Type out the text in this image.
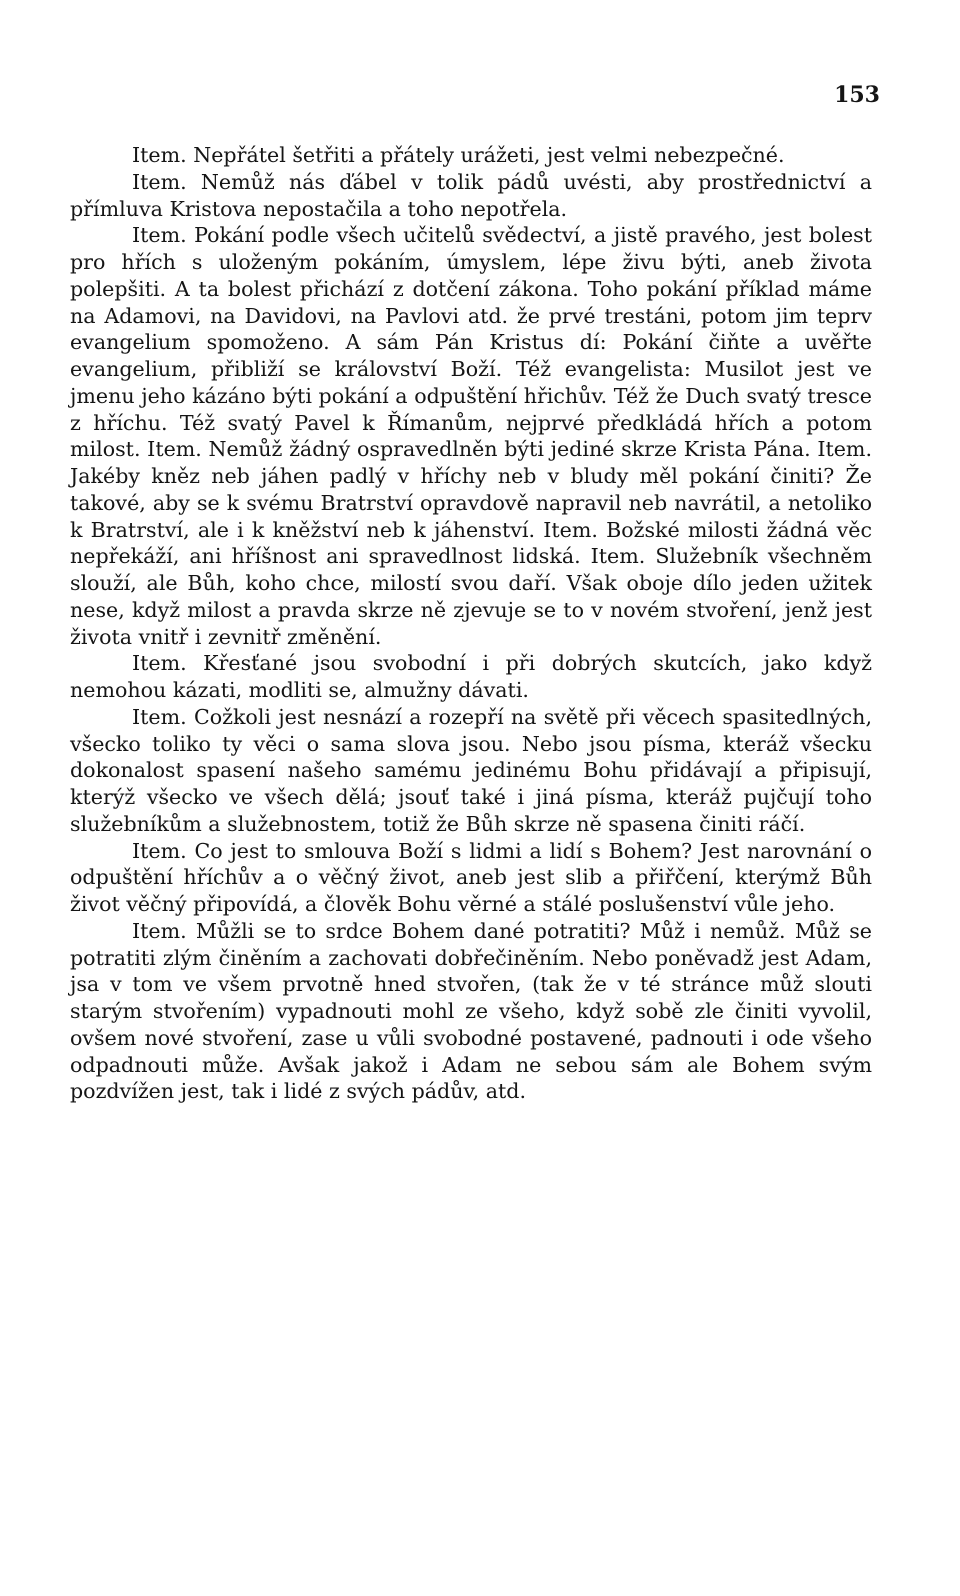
153

Item. Nepřátel šetřiti a přátely urážeti, jest velmi nebezpečné.

Item. Nemůž nás ďábel v tolik pádů uvésti, aby prostřednictví a přímluva Kristova nepostačila a toho nepotřela.

Item. Pokání podle všech učitelů svědectví, a jistě pravého, jest bolest pro hřích s uloženým pokáním, úmyslem, lépe živu býti, aneb života polepšiti. A ta bolest přichází z dotčení zákona. Toho pokání příklad máme na Adamovi, na Davidovi, na Pavlovi atd. že prvé trestáni, potom jim teprv evangelium spomoženo. A sám Pán Kristus dí: Pokání čiňte a uvěřte evangelium, přibliží se království Boží. Též evangelista: Musilot jest ve jmenu jeho kázáno býti pokání a odpuštění hřichův. Též že Duch svatý tresce z hříchu. Též svatý Pavel k Římanům, nejprvé předkládá hřích a potom milost. Item. Nemůž žádný ospravedlněn býti jediné skrze Krista Pána. Item. Jakéby kněz neb jáhen padlý v hříchy neb v bludy měl pokání činiti? Že takové, aby se k svému Bratrství opravdově napravil neb navrátil, a netoliko k Bratrství, ale i k kněžství neb k jáhenství. Item. Božské milosti žádná věc nepřekáží, ani hříšnost ani spravedlnost lidská. Item. Služebník všechněm slouží, ale Bůh, koho chce, milostí svou daří. Však oboje dílo jeden užitek nese, když milost a pravda skrze ně zjevuje se to v novém stvoření, jenž jest života vnitř i zevnitř změnění.

Item. Křesťané jsou svobodní i při dobrých skutcích, jako když nemohou kázati, modliti se, almužny dávati.

Item. Cožkoli jest nesnází a rozepří na světě při věcech spasitedlných, všecko toliko ty věci o sama slova jsou. Nebo jsou písma, kteráž všecku dokonalost spasení našeho samému jedinému Bohu přidávají a připisují, kterýž všecko ve všech dělá; jsouť také i jiná písma, kteráž pujčují toho služebníkům a služebnostem, totiž že Bůh skrze ně spasena činiti ráčí.

Item. Co jest to smlouva Boží s lidmi a lidí s Bohem? Jest narovnání o odpuštění hříchův a o věčný život, aneb jest slib a přiřčení, kterýmž Bůh život věčný připovídá, a člověk Bohu věrné a stálé poslušenství vůle jeho.

Item. Můžli se to srdce Bohem dané potratiti? Můž i nemůž. Můž se potratiti zlým činěním a zachovati dobřečiněním. Nebo poněvadž jest Adam, jsa v tom ve všem prvotně hned stvořen, (tak že v té stránce můž slouti starým stvořením) vypadnouti mohl ze všeho, když sobě zle činiti vyvolil, ovšem nové stvoření, zase u vůli svobodné postavené, padnouti i ode všeho odpadnouti může. Avšak jakož i Adam ne sebou sám ale Bohem svým pozdvížen jest, tak i lidé z svých pádův, atd.
